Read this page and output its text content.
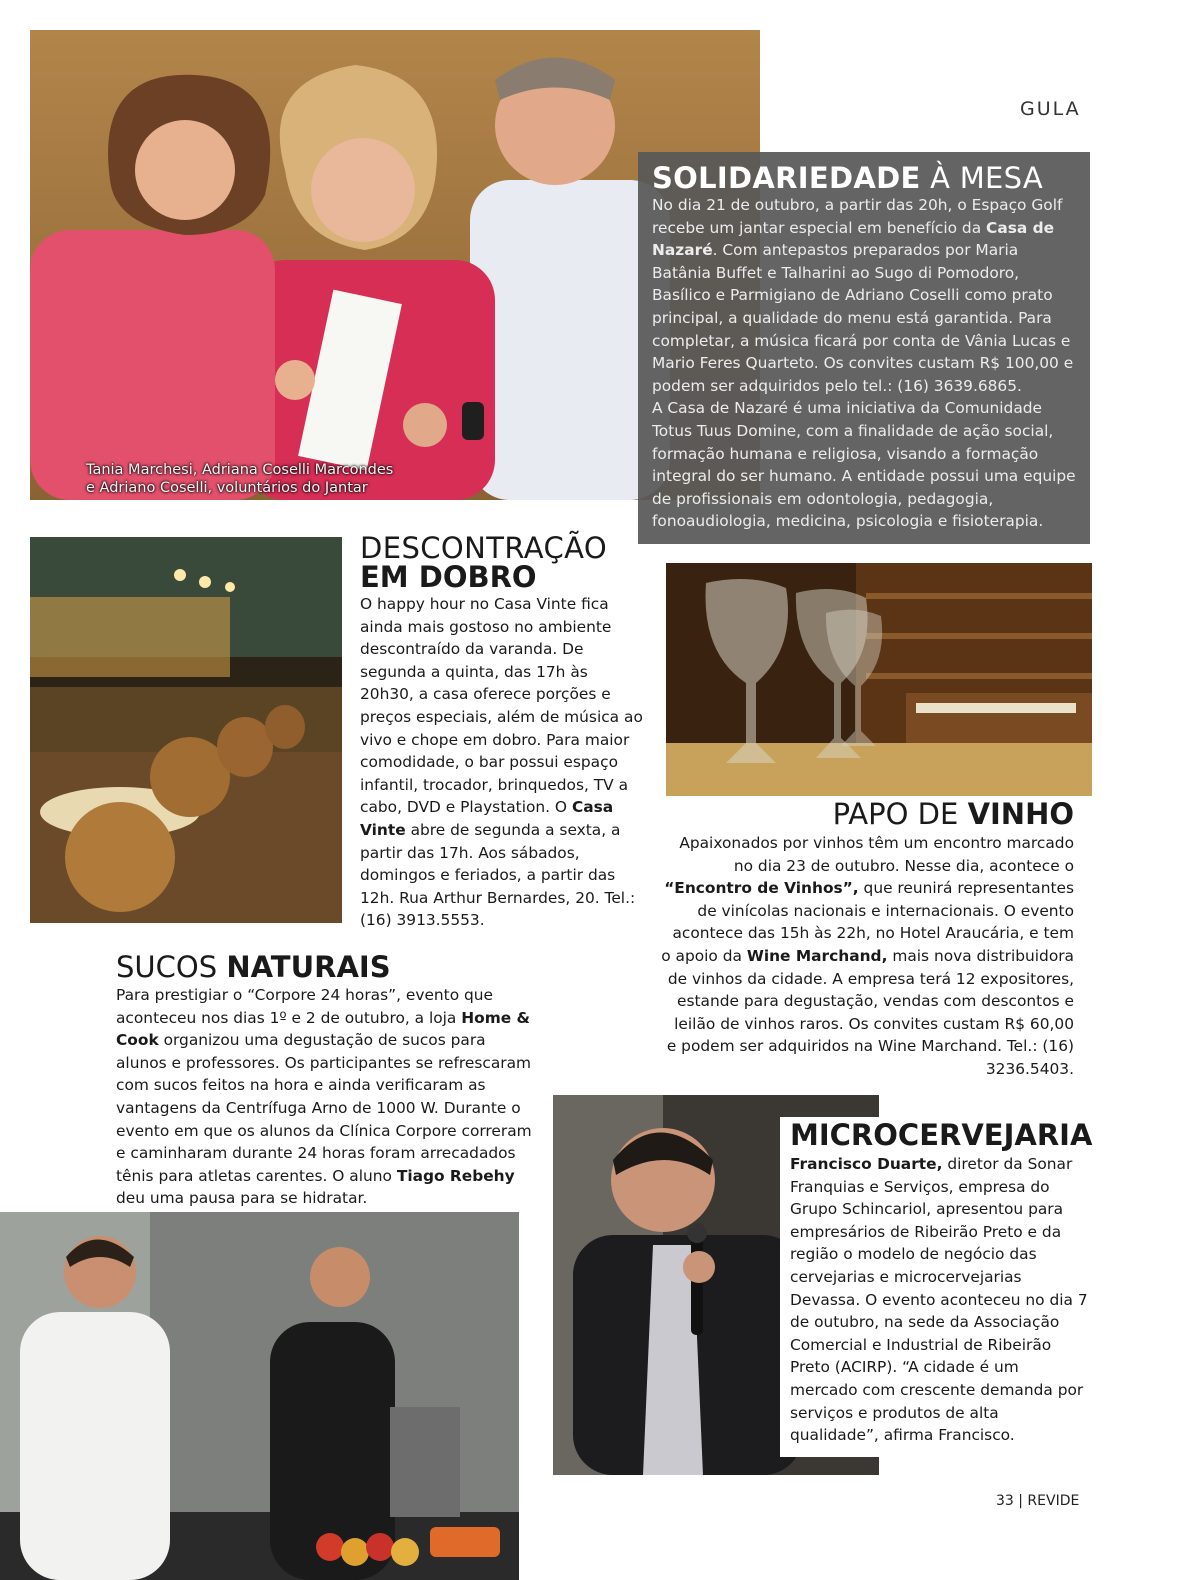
GULA
Tania Marchesi, Adriana Coselli Marcondes
e Adriano Coselli, voluntários do Jantar
SOLIDARIEDADE À MESA

No dia 21 de outubro, a partir das 20h, o Espaço Golf recebe um jantar especial em benefício da Casa de Nazaré. Com antepastos preparados por Maria Batânia Buffet e Talharini ao Sugo di Pomodoro, Basílico e Parmigiano de Adriano Coselli como prato principal, a qualidade do menu está garantida. Para completar, a música ficará por conta de Vânia Lucas e Mario Feres Quarteto. Os convites custam R$ 100,00 e podem ser adquiridos pelo tel.: (16) 3639.6865.
A Casa de Nazaré é uma iniciativa da Comunidade Totus Tuus Domine, com a finalidade de ação social, formação humana e religiosa, visando a formação integral do ser humano. A entidade possui uma equipe de profissionais em odontologia, pedagogia, fonoaudiologia, medicina, psicologia e fisioterapia.

DESCONTRAÇÃO
EM DOBRO

O happy hour no Casa Vinte fica ainda mais gostoso no ambiente descontraído da varanda. De segunda a quinta, das 17h às 20h30, a casa oferece porções e preços especiais, além de música ao vivo e chope em dobro. Para maior comodidade, o bar possui espaço infantil, trocador, brinquedos, TV a cabo, DVD e Playstation. O Casa Vinte abre de segunda a sexta, a partir das 17h. Aos sábados, domingos e feriados, a partir das 12h. Rua Arthur Bernardes, 20. Tel.: (16) 3913.5553.

PAPO DE VINHO

Apaixonados por vinhos têm um encontro marcado no dia 23 de outubro. Nesse dia, acontece o “Encontro de Vinhos”, que reunirá representantes de vinícolas nacionais e internacionais. O evento acontece das 15h às 22h, no Hotel Araucária, e tem o apoio da Wine Marchand, mais nova distribuidora de vinhos da cidade. A empresa terá 12 expositores, estande para degustação, vendas com descontos e leilão de vinhos raros. Os convites custam R$ 60,00 e podem ser adquiridos na Wine Marchand. Tel.: (16) 3236.5403.

SUCOS NATURAIS

Para prestigiar o “Corpore 24 horas”, evento que aconteceu nos dias 1º e 2 de outubro, a loja Home & Cook organizou uma degustação de sucos para alunos e professores. Os participantes se refrescaram com sucos feitos na hora e ainda verificaram as vantagens da Centrífuga Arno de 1000 W. Durante o evento em que os alunos da Clínica Corpore correram e caminharam durante 24 horas foram arrecadados tênis para atletas carentes. O aluno Tiago Rebehy deu uma pausa para se hidratar.

MICROCERVEJARIA

Francisco Duarte, diretor da Sonar Franquias e Serviços, empresa do Grupo Schincariol, apresentou para empresários de Ribeirão Preto e da região o modelo de negócio das cervejarias e microcervejarias Devassa. O evento aconteceu no dia 7 de outubro, na sede da Associação Comercial e Industrial de Ribeirão Preto (ACIRP). “A cidade é um mercado com crescente demanda por serviços e produtos de alta qualidade”, afirma Francisco.

33 | REVIDE
